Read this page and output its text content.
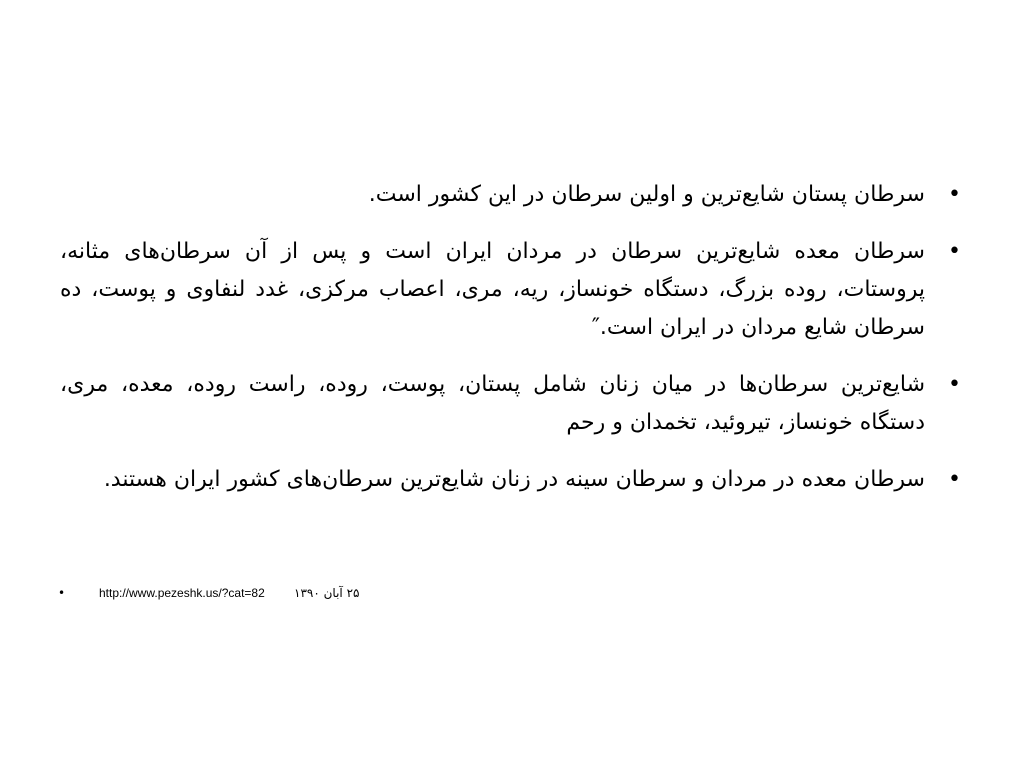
•
سرطان پستان شایع‌ترین و اولین سرطان در این کشور است.
•
سرطان معده شایع‌ترین سرطان در مردان ایران است و پس از آن سرطان‌های مثانه، پروستات، روده بزرگ، دستگاه خونساز، ریه، مری، اعصاب مرکزی، غدد لنفاوی و پوست، ده سرطان شایع مردان در ایران است.″
•
شایع‌ترین سرطان‌ها در میان زنان شامل پستان، پوست، روده، راست روده، معده، مری، دستگاه خونساز، تیروئید، تخمدان و رحم
•
سرطان معده در مردان و سرطان سینه در زنان شایع‌ترین سرطان‌های کشور ایران هستند.
•	http://www.pezeshk.us/?cat=82 ۲۵ آبان ۱۳۹۰
